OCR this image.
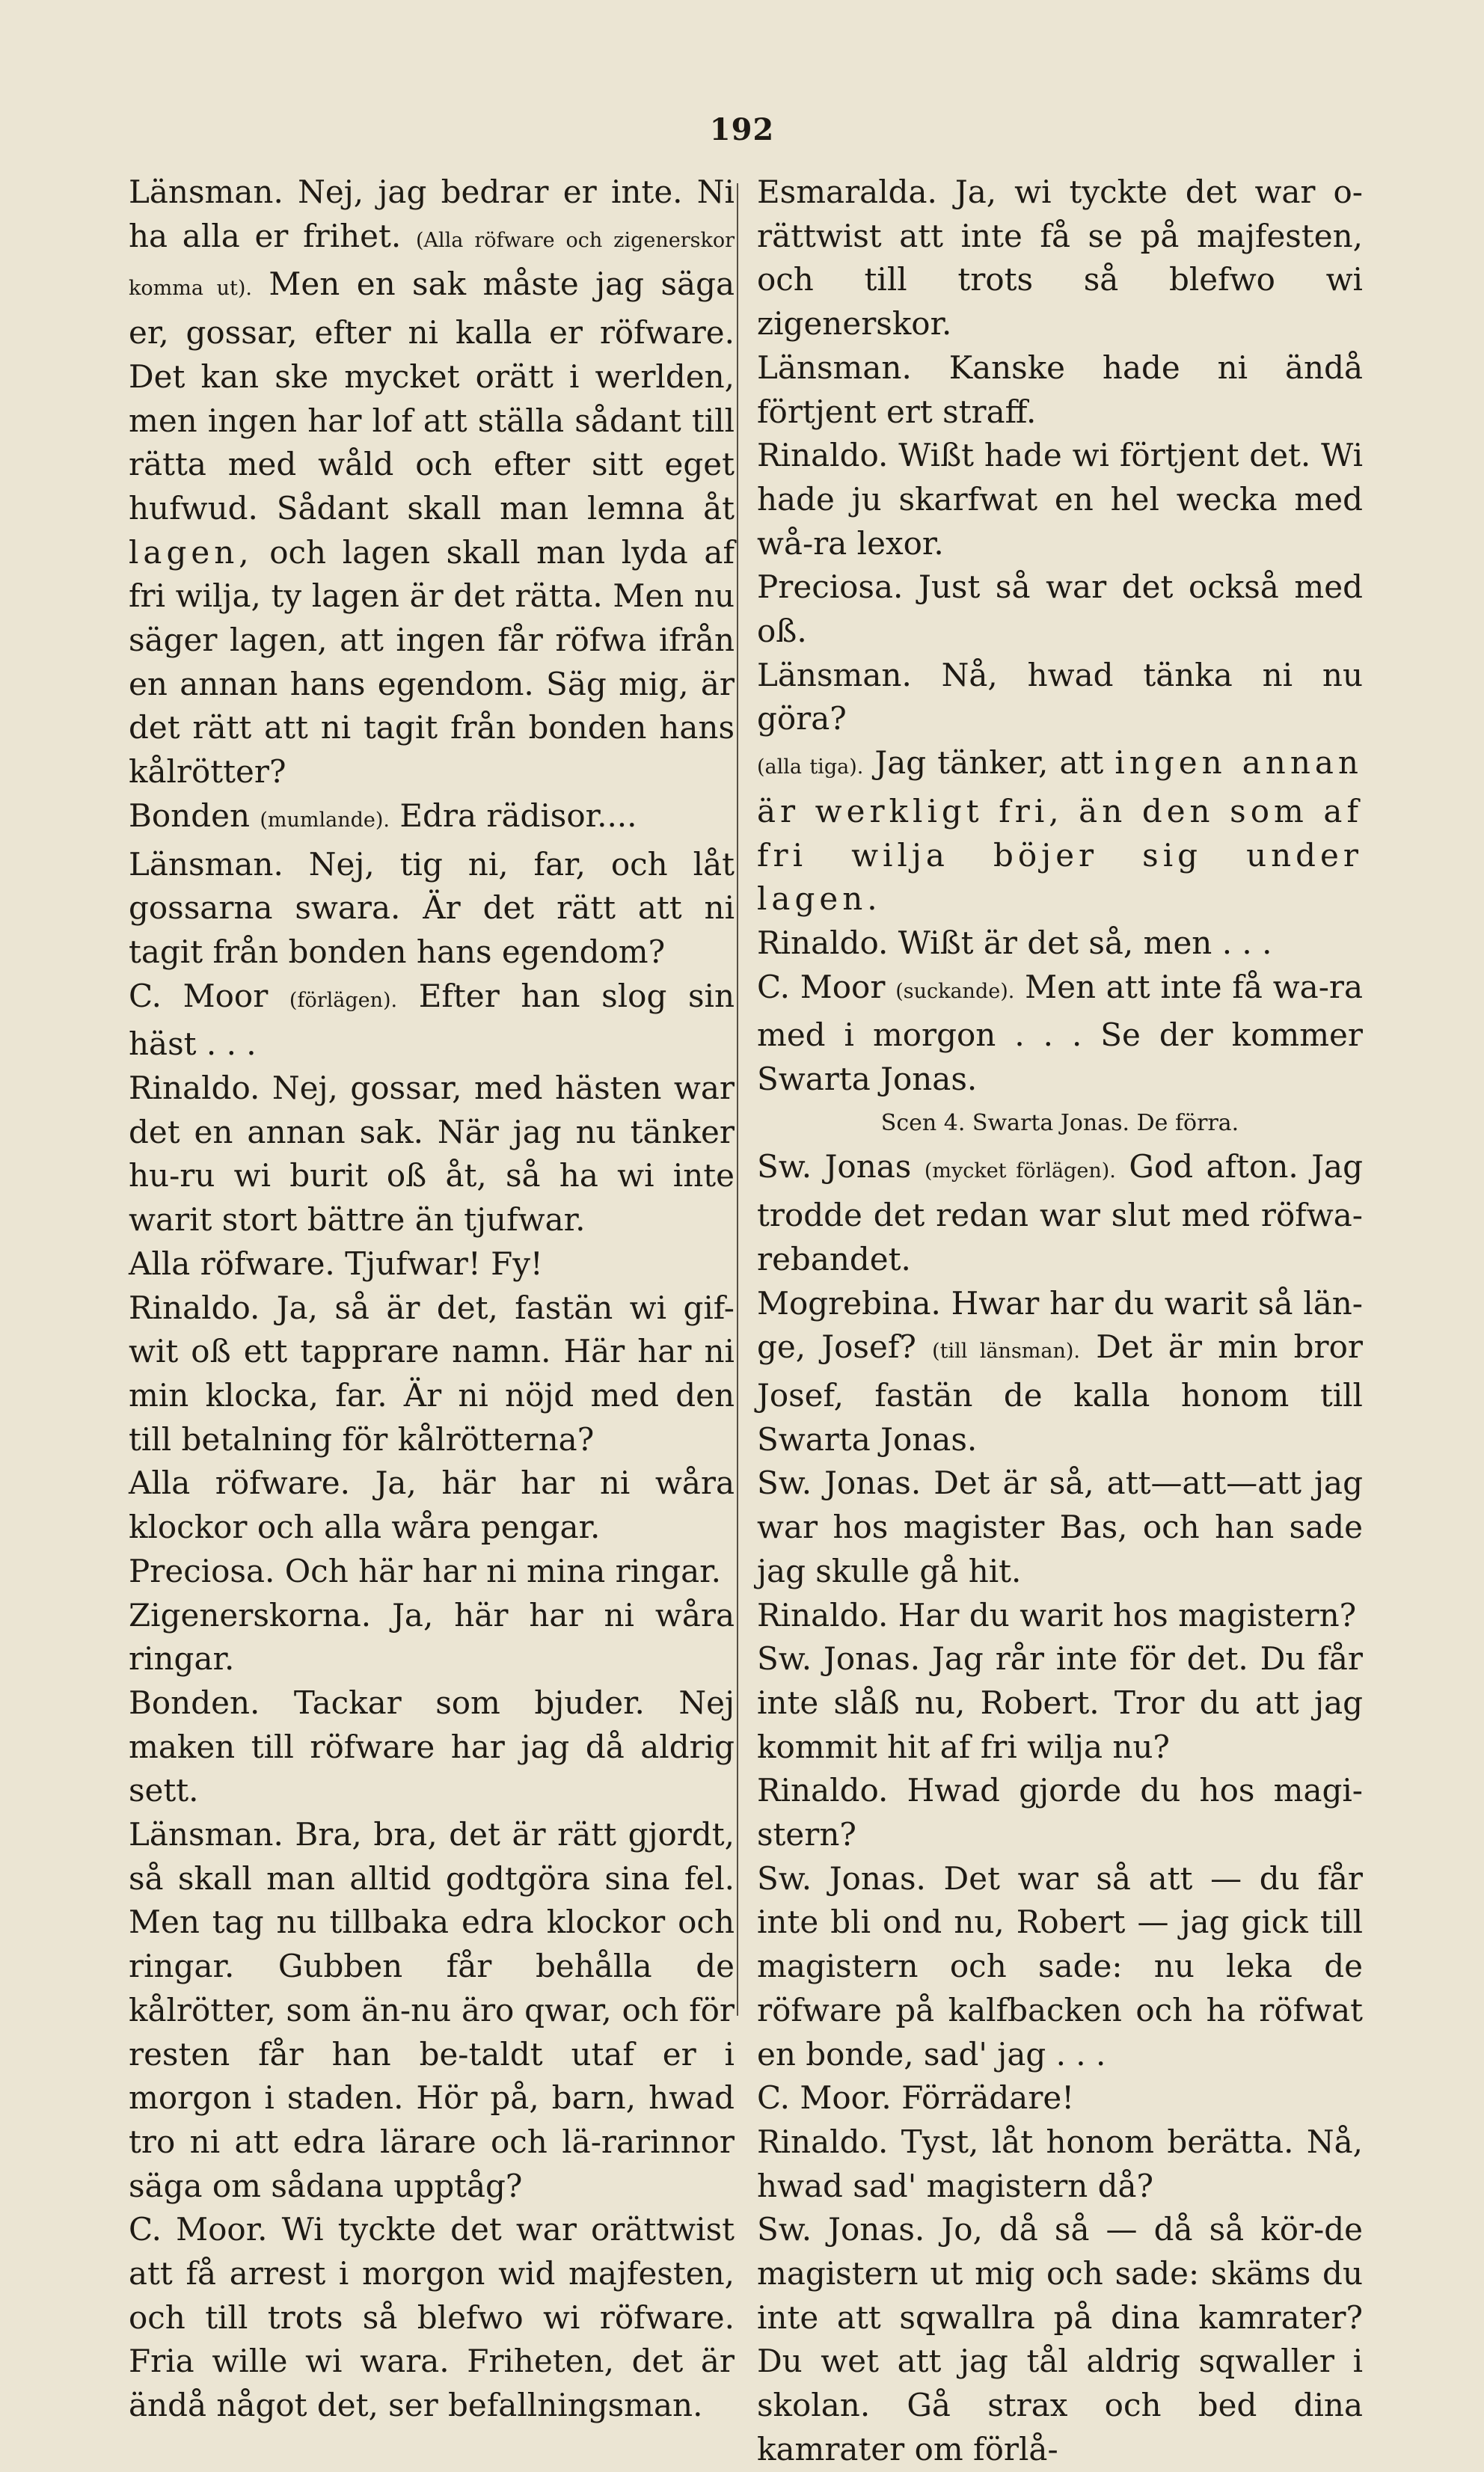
192

Länsman. Nej, jag bedrar er inte. Ni ha alla er frihet. (Alla röfware och zigenerskor komma ut). Men en sak måste jag säga er, gossar, efter ni kalla er röfware. Det kan ske mycket orätt i werlden, men ingen har lof att ställa sådant till rätta med wåld och efter sitt eget hufwud. Sådant skall man lemna åt lagen, och lagen skall man lyda af fri wilja, ty lagen är det rätta. Men nu säger lagen, att ingen får röfwa ifrån en annan hans egendom. Säg mig, är det rätt att ni tagit från bonden hans kålrötter?

Bonden (mumlande). Edra rädisor....

Länsman. Nej, tig ni, far, och låt gossarna swara. Är det rätt att ni tagit från bonden hans egendom?

C. Moor (förlägen). Efter han slog sin häst . . .

Rinaldo. Nej, gossar, med hästen war det en annan sak. När jag nu tänker hu-ru wi burit oß åt, så ha wi inte warit stort bättre än tjufwar.

Alla röfware. Tjufwar! Fy!

Rinaldo. Ja, så är det, fastän wi gif-wit oß ett tapprare namn. Här har ni min klocka, far. Är ni nöjd med den till betalning för kålrötterna?

Alla röfware. Ja, här har ni wåra klockor och alla wåra pengar.

Preciosa. Och här har ni mina ringar.

Zigenerskorna. Ja, här har ni wåra ringar.

Bonden. Tackar som bjuder. Nej maken till röfware har jag då aldrig sett.

Länsman. Bra, bra, det är rätt gjordt, så skall man alltid godtgöra sina fel. Men tag nu tillbaka edra klockor och ringar. Gubben får behålla de kålrötter, som än-nu äro qwar, och för resten får han be-taldt utaf er i morgon i staden. Hör på, barn, hwad tro ni att edra lärare och lä-rarinnor säga om sådana upptåg?

C. Moor. Wi tyckte det war orättwist att få arrest i morgon wid majfesten, och till trots så blefwo wi röfware. Fria wille wi wara. Friheten, det är ändå något det, ser befallningsman.

Esmaralda. Ja, wi tyckte det war o-rättwist att inte få se på majfesten, och till trots så blefwo wi zigenerskor.

Länsman. Kanske hade ni ändå förtjent ert straff.

Rinaldo. Wißt hade wi förtjent det. Wi hade ju skarfwat en hel wecka med wå-ra lexor.

Preciosa. Just så war det också med oß.

Länsman. Nå, hwad tänka ni nu göra?

(alla tiga). Jag tänker, att ingen annan är werkligt fri, än den som af fri wilja böjer sig under lagen.

Rinaldo. Wißt är det så, men . . .

C. Moor (suckande). Men att inte få wa-ra med i morgon . . . Se der kommer Swarta Jonas.

Scen 4. Swarta Jonas. De förra.

Sw. Jonas (mycket förlägen). God afton. Jag trodde det redan war slut med röfwa-rebandet.

Mogrebina. Hwar har du warit så län-ge, Josef? (till länsman). Det är min bror Josef, fastän de kalla honom till Swarta Jonas.

Sw. Jonas. Det är så, att—att—att jag war hos magister Bas, och han sade jag skulle gå hit.

Rinaldo. Har du warit hos magistern?

Sw. Jonas. Jag rår inte för det. Du får inte slåß nu, Robert. Tror du att jag kommit hit af fri wilja nu?

Rinaldo. Hwad gjorde du hos magi-stern?

Sw. Jonas. Det war så att — du får inte bli ond nu, Robert — jag gick till magistern och sade: nu leka de röfware på kalfbacken och ha röfwat en bonde, sad' jag . . .

C. Moor. Förrädare!

Rinaldo. Tyst, låt honom berätta. Nå, hwad sad' magistern då?

Sw. Jonas. Jo, då så — då så kör-de magistern ut mig och sade: skäms du inte att sqwallra på dina kamrater? Du wet att jag tål aldrig sqwaller i skolan. Gå strax och bed dina kamrater om förlå-
